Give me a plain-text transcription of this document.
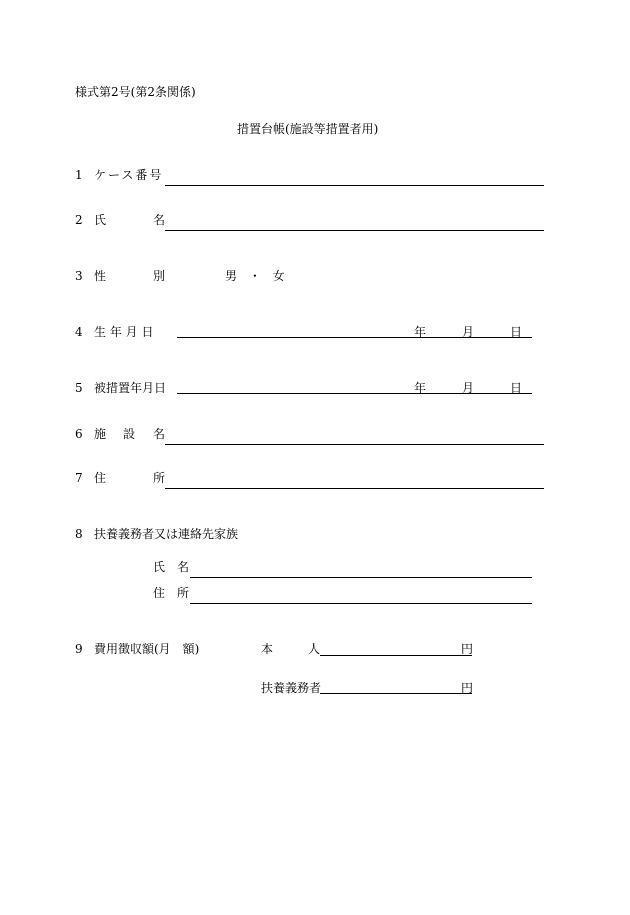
様式第2号(第2条関係)
措置台帳(施設等措置者用)
1 ケース番号
2 氏	名
3 性	別	男 ・ 女
4 生 年 月 日	年	月	日
5 被措置年月日	年	月	日
6 施 設 名
7 住	所
8 扶養義務者又は連絡先家族
氏 名
住 所
9 費用徴収額(月　額)	本	人	円
扶養義務者	円
